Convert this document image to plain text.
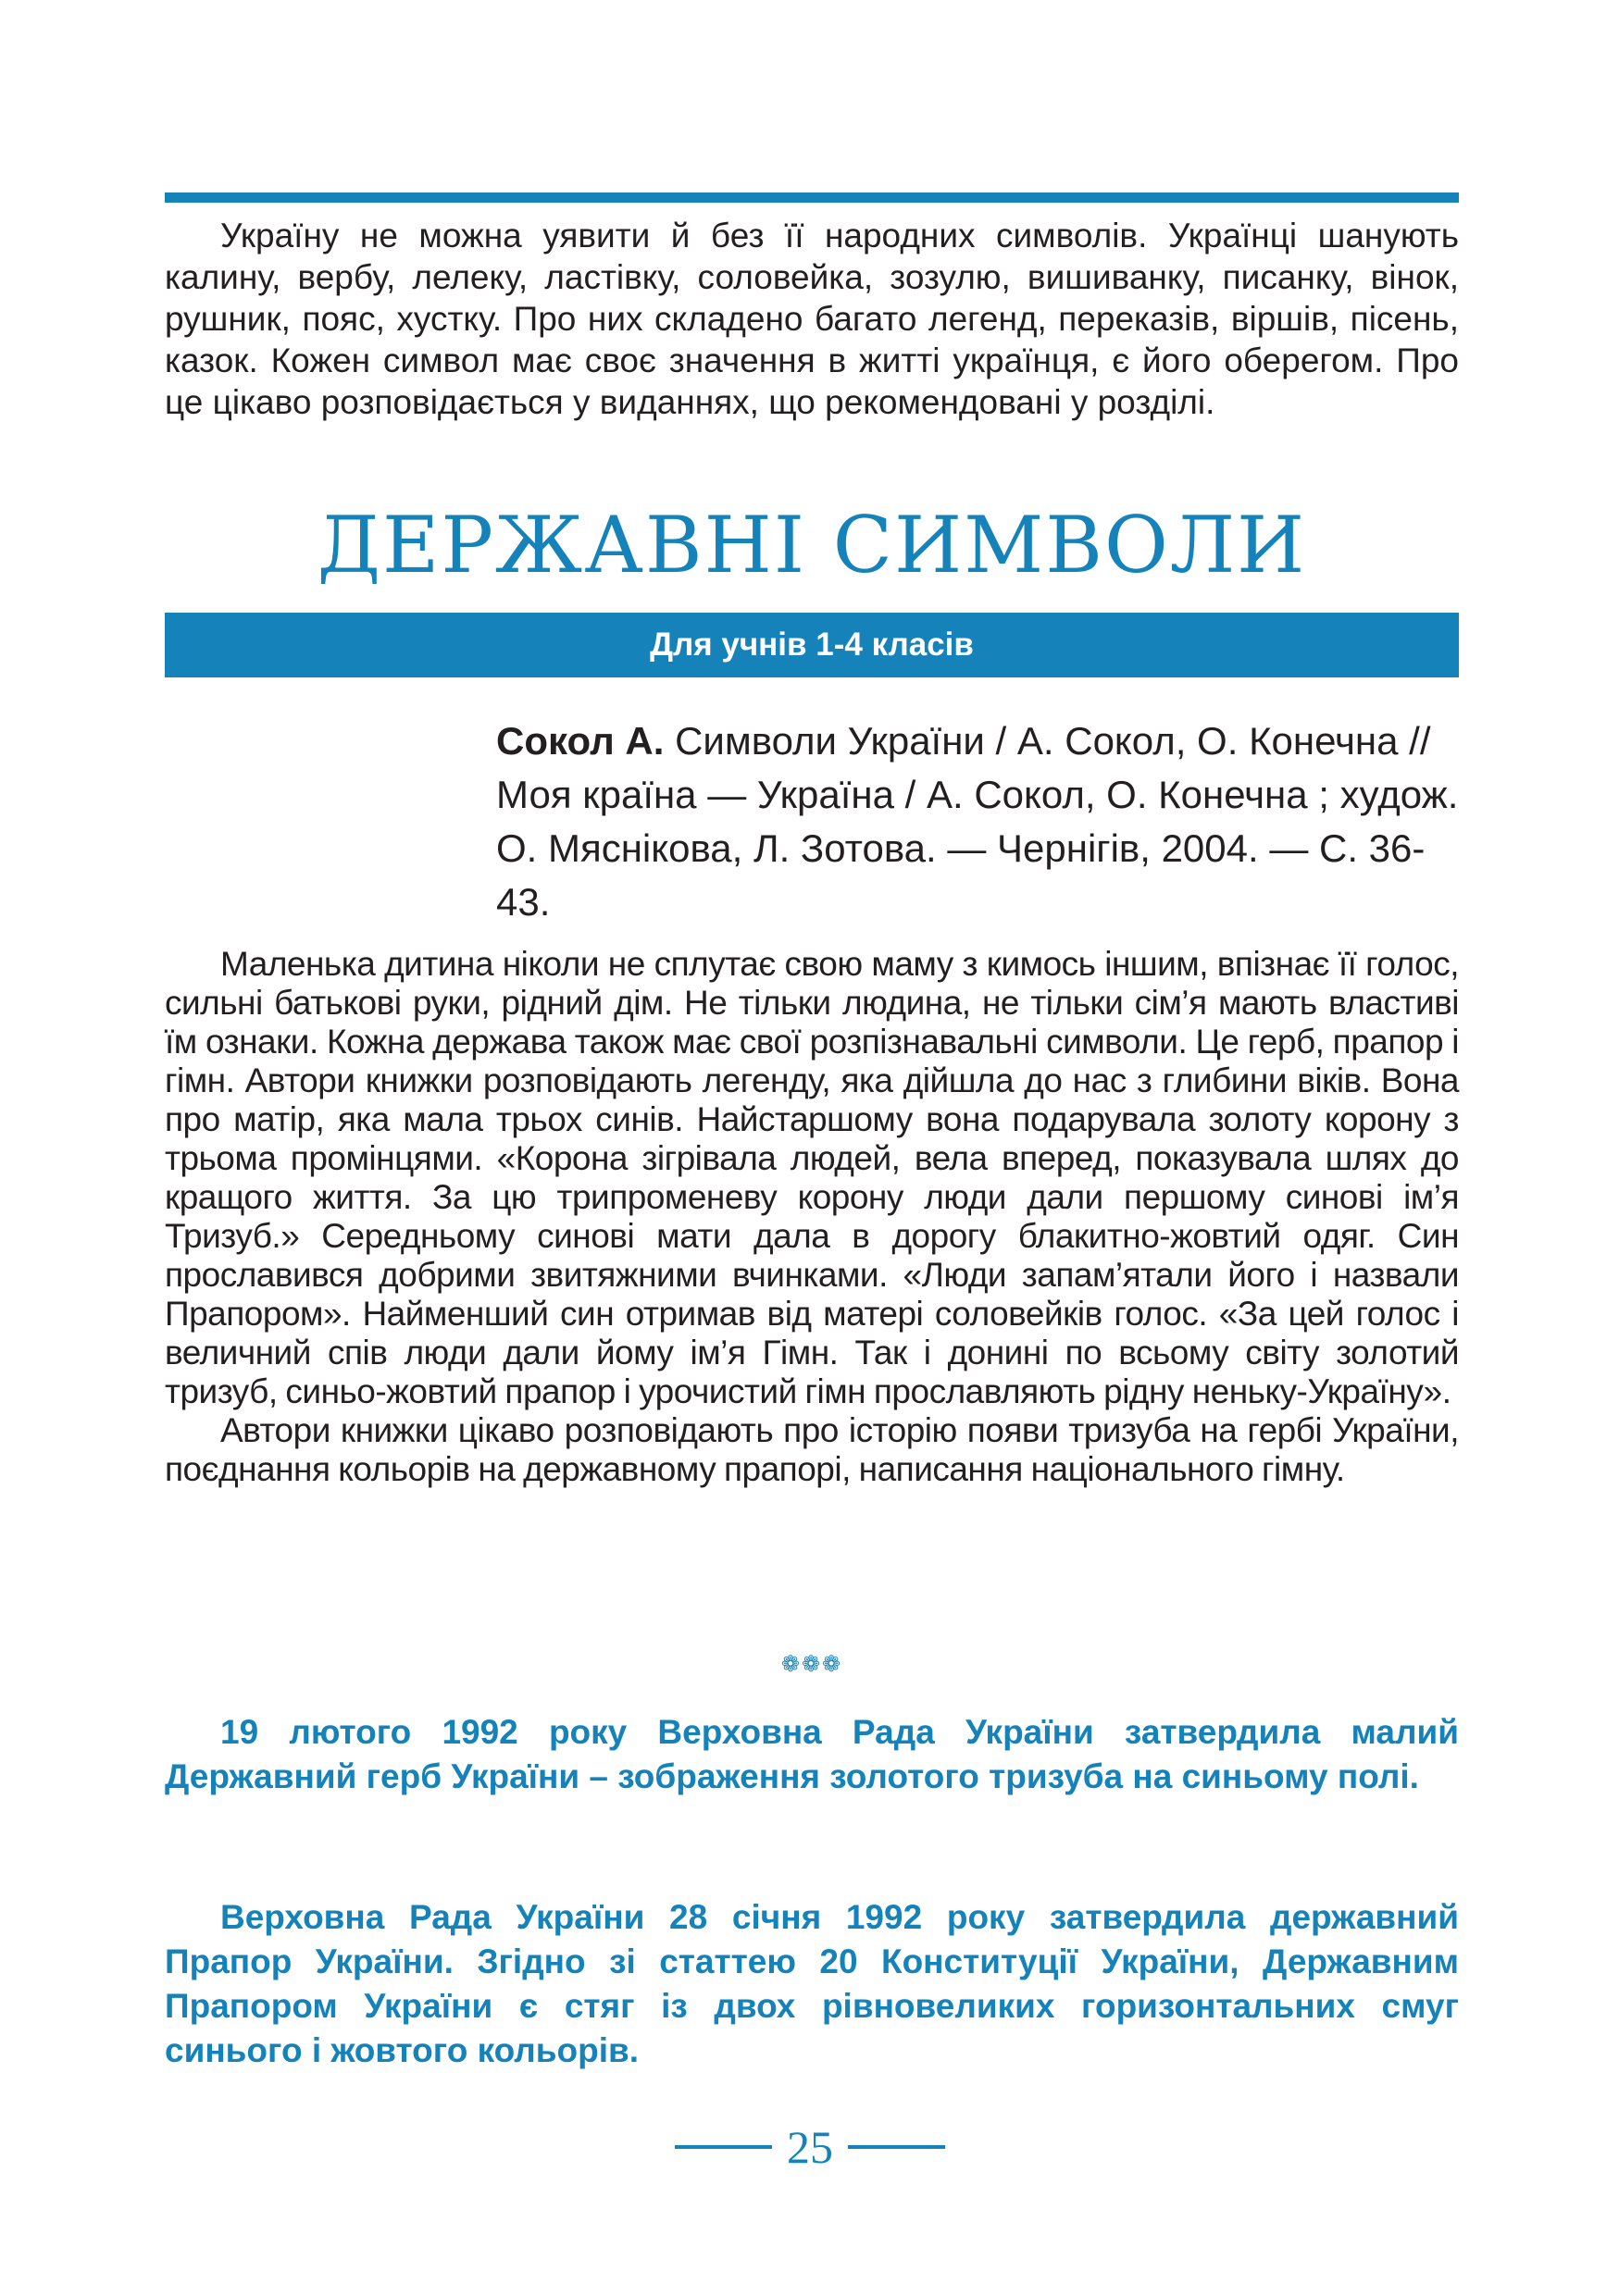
Україну не можна уявити й без її народних символів. Українці шанують калину, вербу, лелеку, ластівку, соловейка, зозулю, вишиванку, писанку, вінок, рушник, пояс, хустку. Про них складено багато легенд, переказів, віршів, пісень, казок. Кожен символ має своє значення в житті українця, є його оберегом. Про це цікаво розповідається у виданнях, що рекомендовані у розділі.

ДЕРЖАВНІ СИМВОЛИ
Для учнів 1-4 класів

Сокол А. Символи України / А. Сокол, О. Конечна // Моя країна — Україна / А. Сокол, О. Конечна ; худож. О. Мяснікова, Л. Зотова. — Чернігів, 2004. — С. 36-43.

Маленька дитина ніколи не сплутає свою маму з кимось іншим, впізнає її голос, сильні батькові руки, рідний дім. Не тільки людина, не тільки сім’я мають властиві їм ознаки. Кожна держава також має свої розпізнавальні символи. Це герб, прапор і гімн. Автори книжки розповідають легенду, яка дійшла до нас з глибини віків. Вона про матір, яка мала трьох синів. Найстаршому вона подарувала золоту корону з трьома промінцями. «Корона зігрівала людей, вела вперед, показувала шлях до кращого життя. За цю трипроменеву корону люди дали першому синові ім’я Тризуб.» Середньому синові мати дала в дорогу блакитно-жовтий одяг. Син прославився добрими звитяжними вчинками. «Люди запам’ятали його і назвали Прапором». Найменший син отримав від матері соловейків голос. «За цей голос і величний спів люди дали йому ім’я Гімн. Так і донині по всьому світу золотий тризуб, синьо-жовтий прапор і урочистий гімн прославляють рідну неньку-Україну».

Автори книжки цікаво розповідають про історію появи тризуба на гербі України, поєднання кольорів на державному прапорі, написання національного гімну.

❁❁❁

19 лютого 1992 року Верховна Рада України затвердила малий Державний герб України – зображення золотого тризуба на синьому полі.

Верховна Рада України 28 січня 1992 року затвердила державний Прапор України. Згідно зі статтею 20 Конституції України, Державним Прапором України є стяг із двох рівновеликих горизонтальних смуг синього і жовтого кольорів.

25
